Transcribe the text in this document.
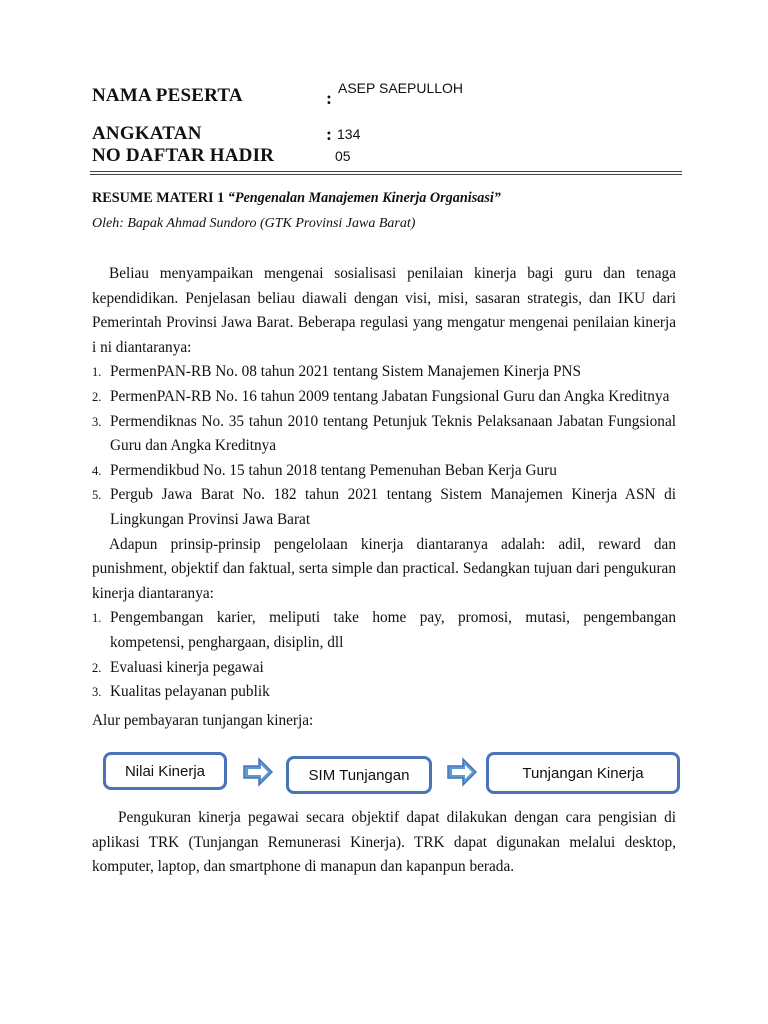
NAMA PESERTA	: ASEP SAEPULLOH
ANGKATAN	: 134
NO DAFTAR HADIR	05
RESUME MATERI 1 “Pengenalan Manajemen Kinerja Organisasi”
Oleh: Bapak Ahmad Sundoro (GTK Provinsi Jawa Barat)

Beliau menyampaikan mengenai sosialisasi penilaian kinerja bagi guru dan tenaga kependidikan. Penjelasan beliau diawali dengan visi, misi, sasaran strategis, dan IKU dari Pemerintah Provinsi Jawa Barat. Beberapa regulasi yang mengatur mengenai penilaian kinerja i ni diantaranya:

1. PermenPAN-RB No. 08 tahun 2021 tentang Sistem Manajemen Kinerja PNS
2. PermenPAN-RB No. 16 tahun 2009 tentang Jabatan Fungsional Guru dan Angka Kreditnya
3. Permendiknas No. 35 tahun 2010 tentang Petunjuk Teknis Pelaksanaan Jabatan Fungsional Guru dan Angka Kreditnya
4. Permendikbud No. 15 tahun 2018 tentang Pemenuhan Beban Kerja Guru
5. Pergub Jawa Barat No. 182 tahun 2021 tentang Sistem Manajemen Kinerja ASN di Lingkungan Provinsi Jawa Barat

Adapun prinsip-prinsip pengelolaan kinerja diantaranya adalah: adil, reward dan punishment, objektif dan faktual, serta simple dan practical. Sedangkan tujuan dari pengukuran kinerja diantaranya:

1. Pengembangan karier, meliputi take home pay, promosi, mutasi, pengembangan kompetensi, penghargaan, disiplin, dll
2. Evaluasi kinerja pegawai
3. Kualitas pelayanan publik
Alur pembayaran tunjangan kinerja:
Nilai Kinerja	SIM Tunjangan	Tunjangan Kinerja

Pengukuran kinerja pegawai secara objektif dapat dilakukan dengan cara pengisian di aplikasi TRK (Tunjangan Remunerasi Kinerja). TRK dapat digunakan melalui desktop, komputer, laptop, dan smartphone di manapun dan kapanpun berada.
